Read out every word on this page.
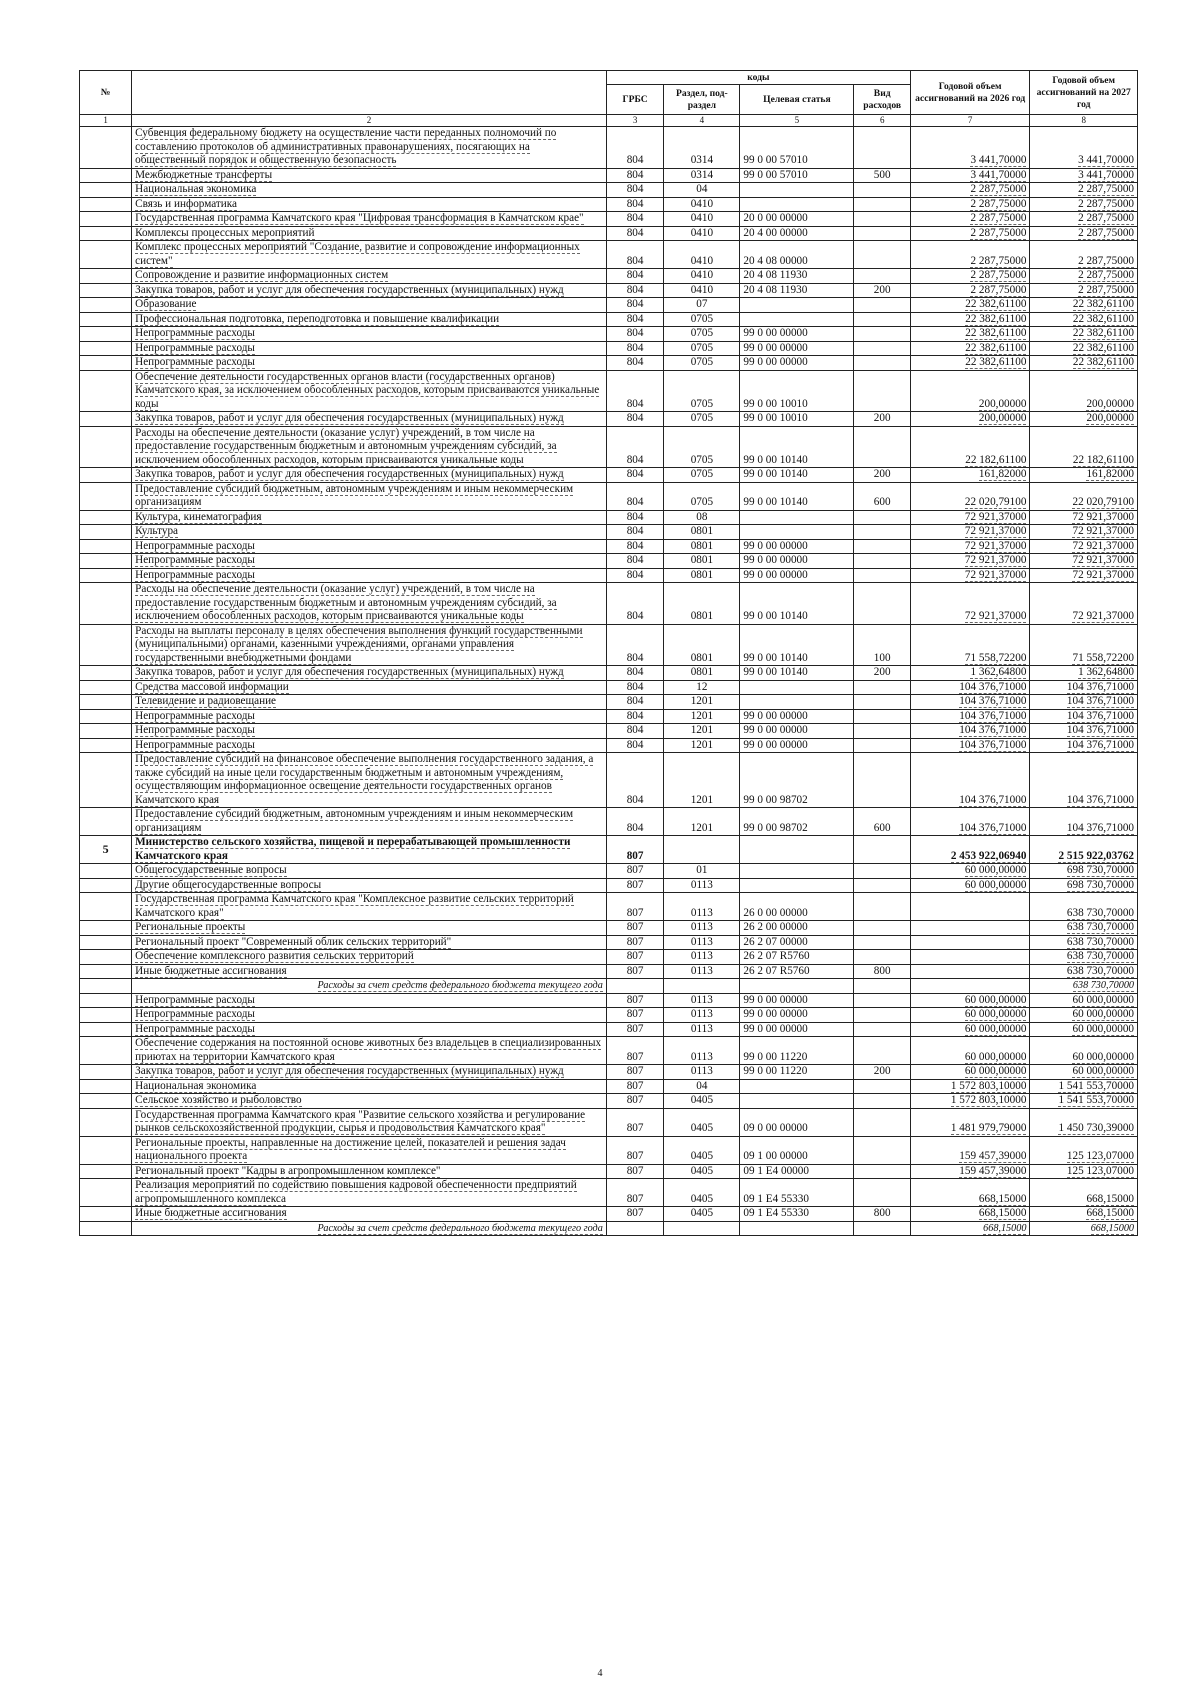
№		коды				Годовой объем ассигнований на 2026 год	Годовой объем ассигнований на 2027 год
		ГРБС	Раздел, под-раздел	Целевая статья	Вид расходов		
1	2	3	4	5	6	7	8
	Субвенция федеральному бюджету на осуществление части переданных полномочий по составлению протоколов об административных правонарушениях, посягающих на общественный порядок и общественную безопасность	804	0314	99 0 00 57010		3 441,70000	3 441,70000
	Межбюджетные трансферты	804	0314	99 0 00 57010	500	3 441,70000	3 441,70000
	Национальная экономика	804	04			2 287,75000	2 287,75000
	Связь и информатика	804	0410			2 287,75000	2 287,75000
	Государственная программа Камчатского края "Цифровая трансформация в Камчатском крае"	804	0410	20 0 00 00000		2 287,75000	2 287,75000
	Комплексы процессных мероприятий	804	0410	20 4 00 00000		2 287,75000	2 287,75000
	Комплекс процессных мероприятий "Создание, развитие и сопровождение информационных систем"	804	0410	20 4 08 00000		2 287,75000	2 287,75000
	Сопровождение и развитие информационных систем	804	0410	20 4 08 11930		2 287,75000	2 287,75000
	Закупка товаров, работ и услуг для обеспечения государственных (муниципальных) нужд	804	0410	20 4 08 11930	200	2 287,75000	2 287,75000
	Образование	804	07			22 382,61100	22 382,61100
	Профессиональная подготовка, переподготовка и повышение квалификации	804	0705			22 382,61100	22 382,61100
	Непрограммные расходы	804	0705	99 0 00 00000		22 382,61100	22 382,61100
	Непрограммные расходы	804	0705	99 0 00 00000		22 382,61100	22 382,61100
	Непрограммные расходы	804	0705	99 0 00 00000		22 382,61100	22 382,61100
	Обеспечение деятельности государственных органов власти (государственных органов) Камчатского края, за исключением обособленных расходов, которым присваиваются уникальные коды	804	0705	99 0 00 10010		200,00000	200,00000
	Закупка товаров, работ и услуг для обеспечения государственных (муниципальных) нужд	804	0705	99 0 00 10010	200	200,00000	200,00000
	Расходы на обеспечение деятельности (оказание услуг) учреждений, в том числе на предоставление государственным бюджетным и автономным учреждениям субсидий, за исключением обособленных расходов, которым присваиваются уникальные коды	804	0705	99 0 00 10140		22 182,61100	22 182,61100
	Закупка товаров, работ и услуг для обеспечения государственных (муниципальных) нужд	804	0705	99 0 00 10140	200	161,82000	161,82000
	Предоставление субсидий бюджетным, автономным учреждениям и иным некоммерческим организациям	804	0705	99 0 00 10140	600	22 020,79100	22 020,79100
	Культура, кинематография	804	08			72 921,37000	72 921,37000
	Культура	804	0801			72 921,37000	72 921,37000
	Непрограммные расходы	804	0801	99 0 00 00000		72 921,37000	72 921,37000
	Непрограммные расходы	804	0801	99 0 00 00000		72 921,37000	72 921,37000
	Непрограммные расходы	804	0801	99 0 00 00000		72 921,37000	72 921,37000
	Расходы на обеспечение деятельности (оказание услуг) учреждений, в том числе на предоставление государственным бюджетным и автономным учреждениям субсидий, за исключением обособленных расходов, которым присваиваются уникальные коды	804	0801	99 0 00 10140		72 921,37000	72 921,37000
	Расходы на выплаты персоналу в целях обеспечения выполнения функций государственными (муниципальными) органами, казенными учреждениями, органами управления государственными внебюджетными фондами	804	0801	99 0 00 10140	100	71 558,72200	71 558,72200
	Закупка товаров, работ и услуг для обеспечения государственных (муниципальных) нужд	804	0801	99 0 00 10140	200	1 362,64800	1 362,64800
	Средства массовой информации	804	12			104 376,71000	104 376,71000
	Телевидение и радиовещание	804	1201			104 376,71000	104 376,71000
	Непрограммные расходы	804	1201	99 0 00 00000		104 376,71000	104 376,71000
	Непрограммные расходы	804	1201	99 0 00 00000		104 376,71000	104 376,71000
	Непрограммные расходы	804	1201	99 0 00 00000		104 376,71000	104 376,71000
	Предоставление субсидий на финансовое обеспечение выполнения государственного задания, а также субсидий на иные цели государственным бюджетным и автономным учреждениям, осуществляющим информационное освещение деятельности государственных органов Камчатского края	804	1201	99 0 00 98702		104 376,71000	104 376,71000
	Предоставление субсидий бюджетным, автономным учреждениям и иным некоммерческим организациям	804	1201	99 0 00 98702	600	104 376,71000	104 376,71000
5	Министерство сельского хозяйства, пищевой и перерабатывающей промышленности Камчатского края	807				2 453 922,06940	2 515 922,03762
	Общегосударственные вопросы	807	01			60 000,00000	698 730,70000
	Другие общегосударственные вопросы	807	0113			60 000,00000	698 730,70000
	Государственная программа Камчатского края "Комплексное развитие сельских территорий Камчатского края"	807	0113	26 0 00 00000			638 730,70000
	Региональные проекты	807	0113	26 2 00 00000			638 730,70000
	Региональный проект "Современный облик сельских территорий"	807	0113	26 2 07 00000			638 730,70000
	Обеспечение комплексного развития сельских территорий	807	0113	26 2 07 R5760			638 730,70000
	Иные бюджетные ассигнования	807	0113	26 2 07 R5760	800		638 730,70000
	Расходы за счет средств федерального бюджета текущего года						638 730,70000
	Непрограммные расходы	807	0113	99 0 00 00000		60 000,00000	60 000,00000
	Непрограммные расходы	807	0113	99 0 00 00000		60 000,00000	60 000,00000
	Непрограммные расходы	807	0113	99 0 00 00000		60 000,00000	60 000,00000
	Обеспечение содержания на постоянной основе животных без владельцев в специализированных приютах на территории Камчатского края	807	0113	99 0 00 11220		60 000,00000	60 000,00000
	Закупка товаров, работ и услуг для обеспечения государственных (муниципальных) нужд	807	0113	99 0 00 11220	200	60 000,00000	60 000,00000
	Национальная экономика	807	04			1 572 803,10000	1 541 553,70000
	Сельское хозяйство и рыболовство	807	0405			1 572 803,10000	1 541 553,70000
	Государственная программа Камчатского края "Развитие сельского хозяйства и регулирование рынков сельскохозяйственной продукции, сырья и продовольствия Камчатского края"	807	0405	09 0 00 00000		1 481 979,79000	1 450 730,39000
	Региональные проекты, направленные на достижение целей, показателей и решения задач национального проекта	807	0405	09 1 00 00000		159 457,39000	125 123,07000
	Региональный проект "Кадры в агропромышленном комплексе"	807	0405	09 1 E4 00000		159 457,39000	125 123,07000
	Реализация мероприятий по содействию повышения кадровой обеспеченности предприятий агропромышленного комплекса	807	0405	09 1 E4 55330		668,15000	668,15000
	Иные бюджетные ассигнования	807	0405	09 1 E4 55330	800	668,15000	668,15000
	Расходы за счет средств федерального бюджета текущего года					668,15000	668,15000
4
